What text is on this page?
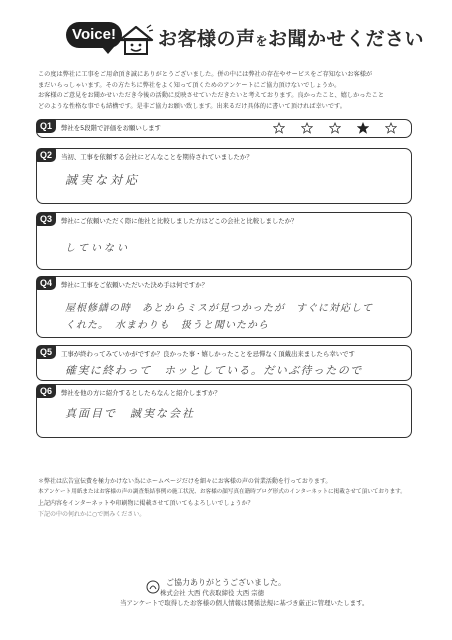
Voice!	お客様の声をお聞かせください

この度は弊社に工事をご用命頂き誠にありがとうございました。併の中には弊社の存在やサービスをご存知ないお客様が

まだいらっしゃいます。その方たちに弊社をよく知って頂くためのアンケートにご協力頂けないでしょうか。

お客様のご意見をお聞かせいただき今後の活動に反映させていただきたいと考えております。良かったこと、嬉しかったこと

どのような性格な事でも結構です。是非ご協力お願い致します。出来るだけ具体的に書いて頂ければ幸いです。

Q1	弊社を5段階で評価をお願いします
Q2	当初、工事を依頼する会社にどんなことを期待されていましたか？
誠実な対応
Q3	弊社にご依頼いただく際に他社と比較しました方はどこの会社と比較しましたか？
していない
Q4	弊社に工事をご依頼いただいた決め手は何ですか？
屋根修繕の時　あとからミスが見つかったが　すぐに対応して
くれた。　水まわりも　扱うと聞いたから
Q5	工事が終わってみていかがですか？良かった事・嬉しかったことを忌憚なく頂戴出来ましたら幸いです
確実に終わって　ホッとしている。だいぶ待ったので
Q6	弊社を他の方に紹介するとしたらなんと紹介しますか？
真面目で　誠実な会社

＊弊社は広告宣伝費を極力かけない為にホームページだけを細々にお客様の声の営業活動を行っております。

本アンケート用紙またはお客様の声の調査集結事例の施工状況、お客様の顔写真在籍時ブログ形式のインターネットに掲載させて頂いております。

上記内容をインターネットや印刷物に掲載させて頂いてもよろしいでしょうか？

下記の中の何れかに○で囲みください。

ご協力ありがとうございました。

株式会社 大西 代表取締役 大西 宗徳

当アンケートで取得したお客様の個人情報は関係法規に基づき厳正に管理いたします。
